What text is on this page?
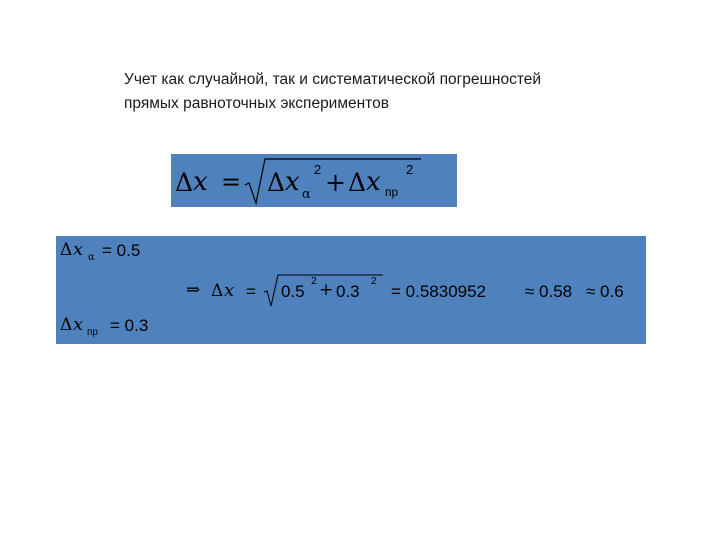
Учет как случайной, так и систематической погрешностей
прямых равноточных экспериментов
Δ x = Δ x α
2 + Δ x пр
2
Δ x α = 0.5
⇒ Δ x = 0.5
2 + 0.3
2
= 0.5830952 ≈ 0.58 ≈ 0.6
Δ x пр = 0.3
